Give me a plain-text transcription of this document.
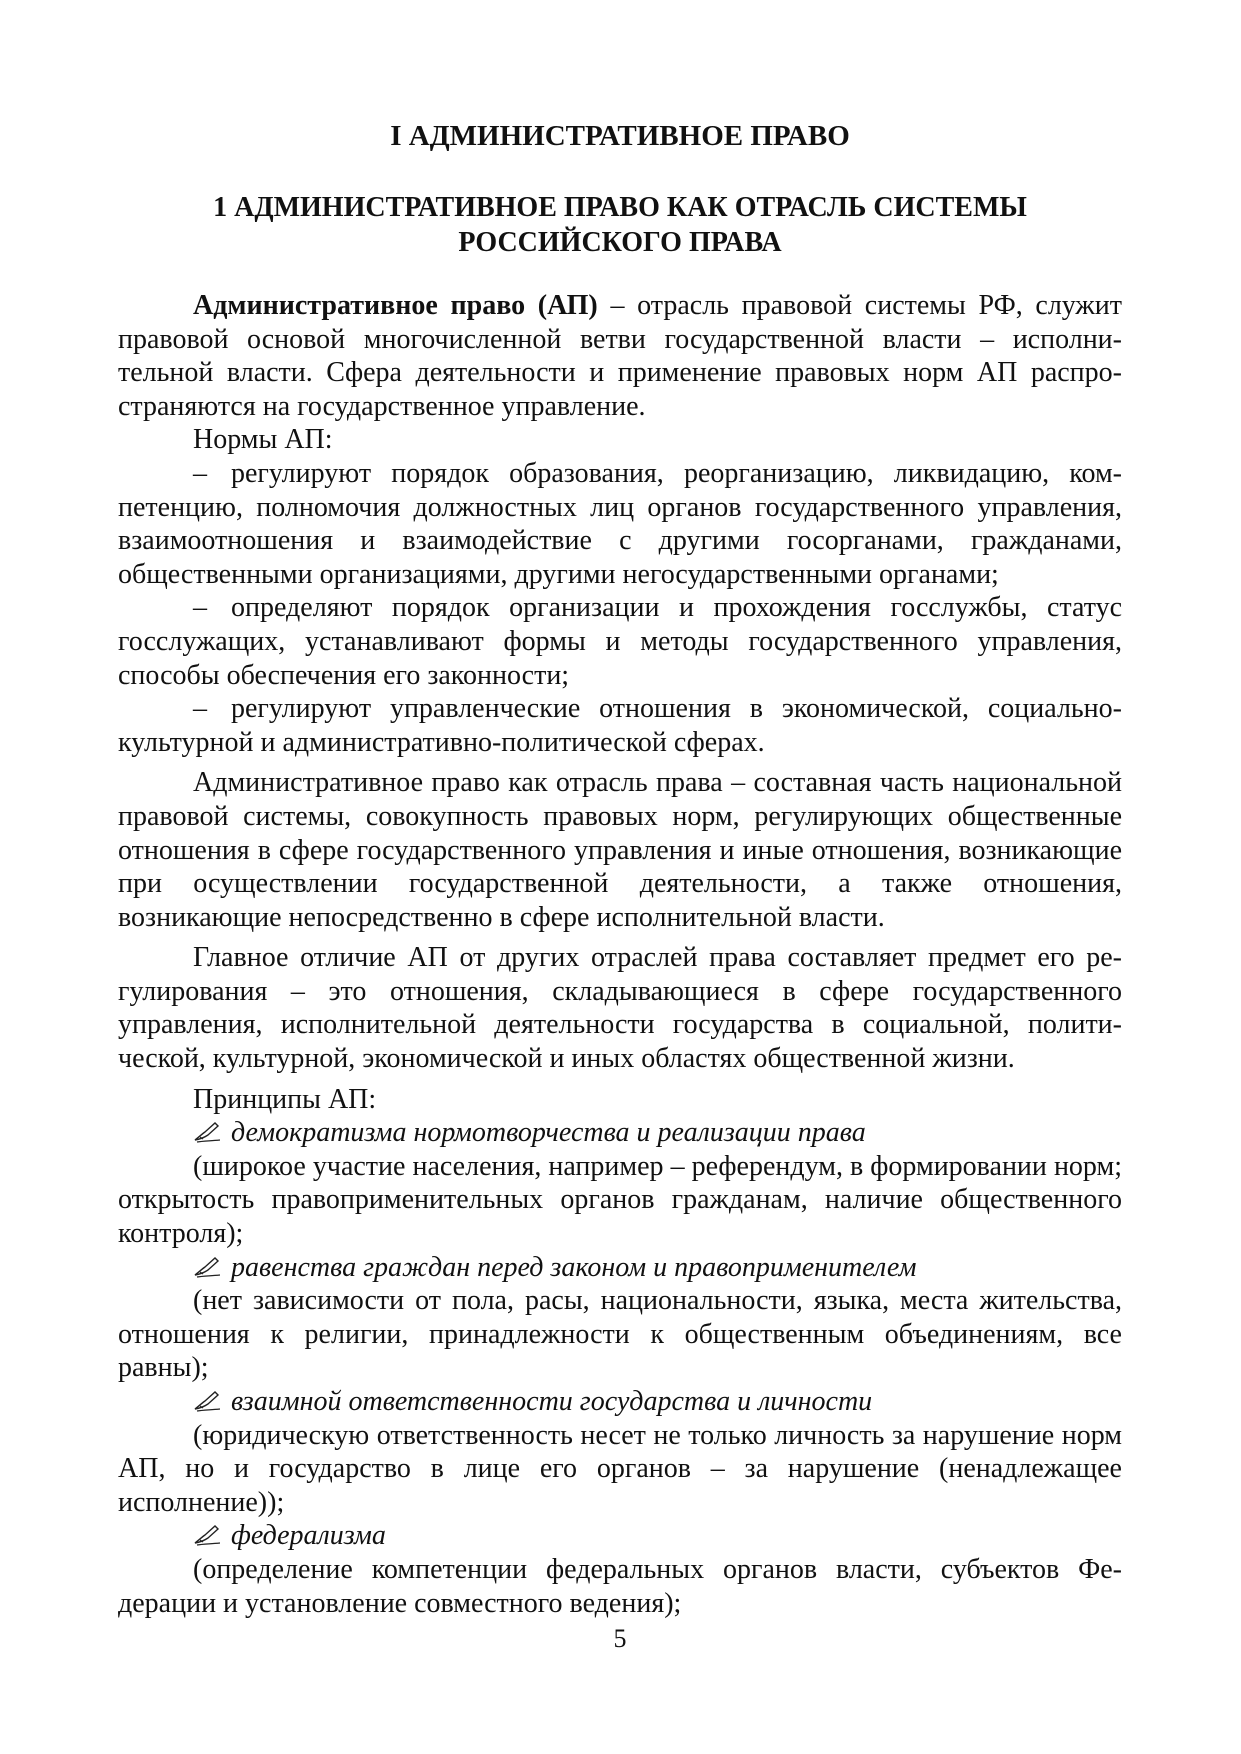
I АДМИНИСТРАТИВНОЕ ПРАВО
1 АДМИНИСТРАТИВНОЕ ПРАВО КАК ОТРАСЛЬ СИСТЕМЫ
РОССИЙСКОГО ПРАВА

Административное право (АП) – отрасль правовой системы РФ, служит правовой основой многочисленной ветви государственной власти – исполнительной власти. Сфера деятельности и применение правовых норм АП распространяются на государственное управление.

Нормы АП:

– регулируют порядок образования, реорганизацию, ликвидацию, компетенцию, полномочия должностных лиц органов государственного управления, взаимоотношения и взаимодействие с другими госорганами, гражданами, общественными организациями, другими негосударственными органами;

– определяют порядок организации и прохождения госслужбы, статус госслужащих, устанавливают формы и методы государственного управления, способы обеспечения его законности;

– регулируют управленческие отношения в экономической, социально-культурной и административно-политической сферах.

Административное право как отрасль права – составная часть национальной правовой системы, совокупность правовых норм, регулирующих общественные отношения в сфере государственного управления и иные отношения, возникающие при осуществлении государственной деятельности, а также отношения, возникающие непосредственно в сфере исполнительной власти.

Главное отличие АП от других отраслей права составляет предмет его регулирования – это отношения, складывающиеся в сфере государственного управления, исполнительной деятельности государства в социальной, политической, культурной, экономической и иных областях общественной жизни.

Принципы АП:

демократизма нормотворчества и реализации права

(широкое участие населения, например – референдум, в формировании норм; открытость правоприменительных органов гражданам, наличие общественного контроля);

равенства граждан перед законом и правоприменителем

(нет зависимости от пола, расы, национальности, языка, места жительства, отношения к религии, принадлежности к общественным объединениям, все равны);

взаимной ответственности государства и личности

(юридическую ответственность несет не только личность за нарушение норм АП, но и государство в лице его органов – за нарушение (ненадлежащее исполнение));

федерализма

(определение компетенции федеральных органов власти, субъектов Федерации и установление совместного ведения);

5
